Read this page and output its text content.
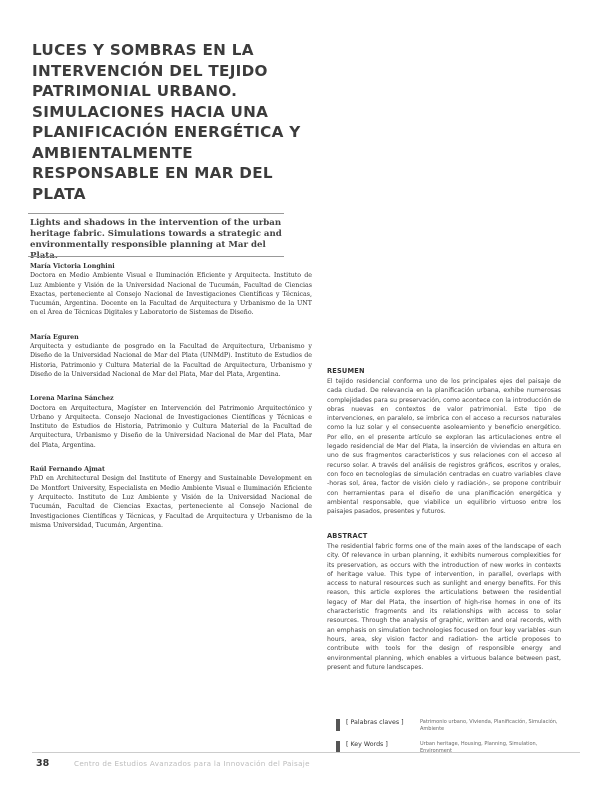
LUCES Y SOMBRAS EN LA INTERVENCIÓN DEL TEJIDO PATRIMONIAL URBANO. SIMULACIONES HACIA UNA PLANIFICACIÓN ENERGÉTICA Y AMBIENTALMENTE RESPONSABLE EN MAR DEL PLATA

Lights and shadows in the intervention of the urban heritage fabric. Simulations towards a strategic and environmentally responsible planning at Mar del Plata.

María Victoria Longhini

Doctora en Medio Ambiente Visual e Iluminación Eficiente y Arquitecta. Instituto de Luz Ambiente y Visión de la Universidad Nacional de Tucumán, Facultad de Ciencias Exactas, perteneciente al Consejo Nacional de Investigaciones Científicas y Técnicas, Tucumán, Argentina. Docente en la Facultad de Arquitectura y Urbanismo de la UNT en el Área de Técnicas Digitales y Laboratorio de Sistemas de Diseño.

María Eguren

Arquitecta y estudiante de posgrado en la Facultad de Arquitectura, Urbanismo y Diseño de la Universidad Nacional de Mar del Plata (UNMdP). Instituto de Estudios de Historia, Patrimonio y Cultura Material de la Facultad de Arquitectura, Urbanismo y Diseño de la Universidad Nacional de Mar del Plata, Mar del Plata, Argentina.

Lorena Marina Sánchez

Doctora en Arquitectura, Magíster en Intervención del Patrimonio Arquitectónico y Urbano y Arquitecta. Consejo Nacional de Investigaciones Científicas y Técnicas e Instituto de Estudios de Historia, Patrimonio y Cultura Material de la Facultad de Arquitectura, Urbanismo y Diseño de la Universidad Nacional de Mar del Plata, Mar del Plata, Argentina.

Raúl Fernando Ajmat

PhD en Architectural Design del Institute of Energy and Sustainable Development en De Montfort University, Especialista en Medio Ambiente Visual e Iluminación Eficiente y Arquitecto. Instituto de Luz Ambiente y Visión de la Universidad Nacional de Tucumán, Facultad de Ciencias Exactas, perteneciente al Consejo Nacional de Investigaciones Científicas y Técnicas, y Facultad de Arquitectura y Urbanismo de la misma Universidad, Tucumán, Argentina.

RESUMEN

El tejido residencial conforma uno de los principales ejes del paisaje de cada ciudad. De relevancia en la planificación urbana, exhibe numerosas complejidades para su preservación, como acontece con la introducción de obras nuevas en contextos de valor patrimonial. Este tipo de intervenciones, en paralelo, se imbrica con el acceso a recursos naturales como la luz solar y el consecuente asoleamiento y beneficio energético. Por ello, en el presente artículo se exploran las articulaciones entre el legado residencial de Mar del Plata, la inserción de viviendas en altura en uno de sus fragmentos característicos y sus relaciones con el acceso al recurso solar. A través del análisis de registros gráficos, escritos y orales, con foco en tecnologías de simulación centradas en cuatro variables clave -horas sol, área, factor de visión cielo y radiación-, se propone contribuir con herramientas para el diseño de una planificación energética y ambiental responsable, que viabilice un equilibrio virtuoso entre los paisajes pasados, presentes y futuros.

ABSTRACT

The residential fabric forms one of the main axes of the landscape of each city. Of relevance in urban planning, it exhibits numerous complexities for its preservation, as occurs with the introduction of new works in contexts of heritage value. This type of intervention, in parallel, overlaps with access to natural resources such as sunlight and energy benefits. For this reason, this article explores the articulations between the residential legacy of Mar del Plata, the insertion of high-rise homes in one of its characteristic fragments and its relationships with access to solar resources. Through the analysis of graphic, written and oral records, with an emphasis on simulation technologies focused on four key variables -sun hours, area, sky vision factor and radiation- the article proposes to contribute with tools for the design of responsible energy and environmental planning, which enables a virtuous balance between past, present and future landscapes.

[ Palabras claves ]	Patrimonio urbano, Vivienda, Planificación, Simulación, Ambiente
[ Key Words ]	Urban heritage, Housing, Planning, Simulation, Environment
38	Centro de Estudios Avanzados para la Innovación del Paisaje
